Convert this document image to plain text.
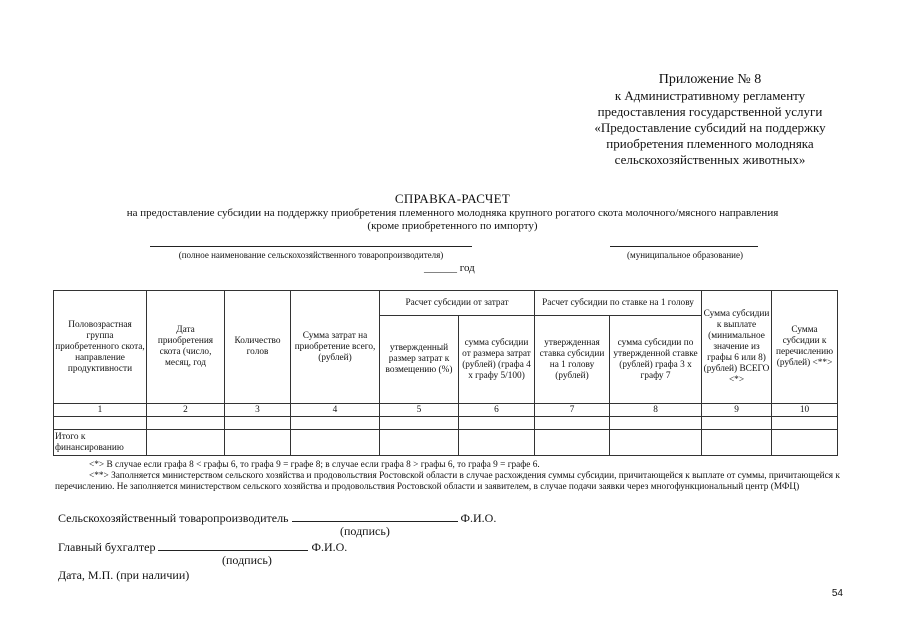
Приложение № 8
к Административному регламенту
предоставления государственной услуги
«Предоставление субсидий на поддержку
приобретения племенного молодняка
сельскохозяйственных животных»
СПРАВКА-РАСЧЕТ
на предоставление субсидии на поддержку приобретения племенного молодняка крупного рогатого скота молочного/мясного направления
(кроме приобретенного по импорту)
(полное наименование сельскохозяйственного товаропроизводителя)	(муниципальное образование)
______ год
Половозрастная группа приобретенного скота, направление продуктивности	Дата приобретения скота (число, месяц, год	Количество голов	Сумма затрат на приобретение всего, (рублей)	Расчет субсидии от затрат		Расчет субсидии по ставке на 1 голову		Сумма субсидии к выплате (минимальное значение из графы 6 или 8) (рублей) ВСЕГО <*>	Сумма субсидии к перечислению (рублей) <**>
				утвержденный размер затрат к возмещению (%)	сумма субсидии от размера затрат (рублей) (графа 4 х графу 5/100)	утвержденная ставка субсидии на 1 голову (рублей)	сумма субсидии по утвержденной ставке (рублей) графа 3 х графу 7		
1	2	3	4	5	6	7	8	9	10

Итого к финансированию									
<*> В случае если графа 8 < графы 6, то графа 9 = графе 8; в случае если графа 8 > графы 6, то графа 9 = графе 6.
<**> Заполняется министерством сельского хозяйства и продовольствия Ростовской области в случае расхождения суммы субсидии, причитающейся к выплате от суммы, причитающейся к перечислению. Не заполняется министерством сельского хозяйства и продовольствия Ростовской области и заявителем, в случае подачи заявки через многофункциональный центр (МФЦ)
Сельскохозяйственный товаропроизводитель	Ф.И.О.
(подпись)
Главный бухгалтер	Ф.И.О.
(подпись)
Дата, М.П. (при наличии)
54
